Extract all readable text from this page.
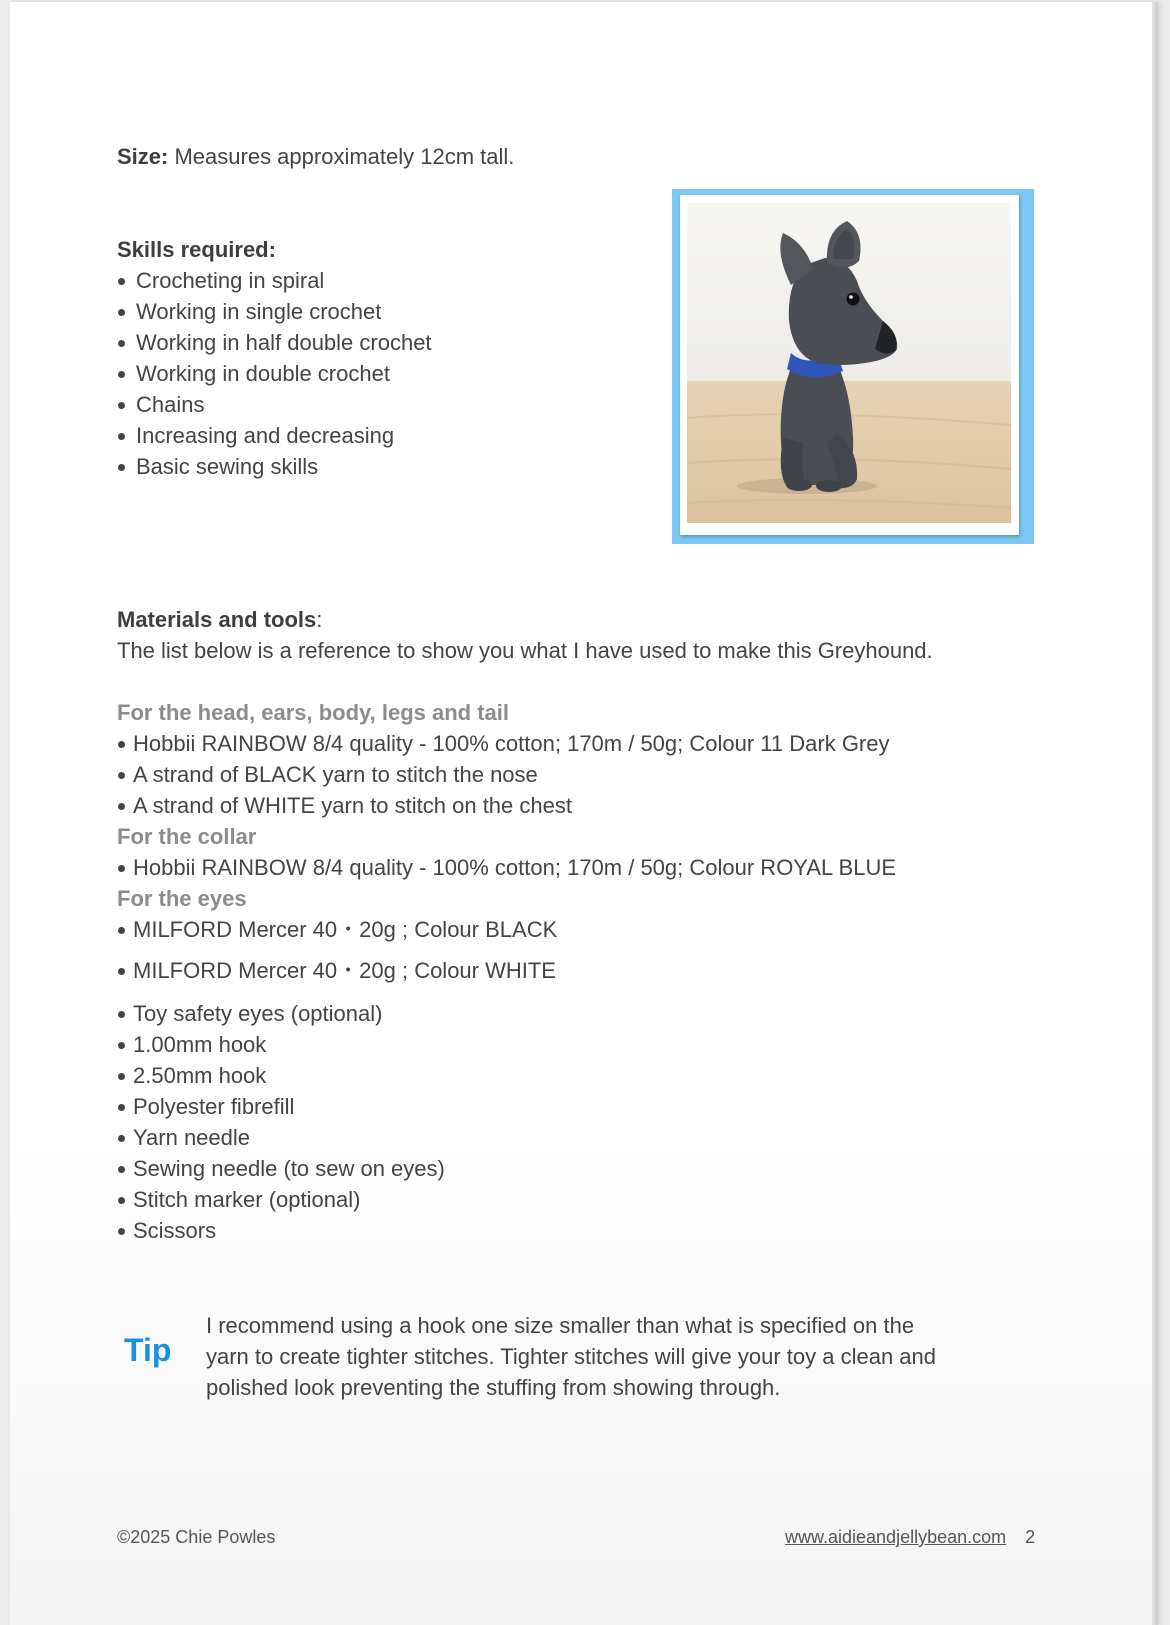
Size: Measures approximately 12cm tall.
Skills required:
Crocheting in spiral
Working in single crochet
Working in half double crochet
Working in double crochet
Chains
Increasing and decreasing
Basic sewing skills
Materials and tools:
The list below is a reference to show you what I have used to make this Greyhound.
For the head, ears, body, legs and tail
Hobbii RAINBOW 8/4 quality - 100% cotton; 170m / 50g; Colour 11 Dark Grey
A strand of BLACK yarn to stitch the nose
A strand of WHITE yarn to stitch on the chest
For the collar
Hobbii RAINBOW 8/4 quality - 100% cotton; 170m / 50g; Colour ROYAL BLUE
For the eyes
MILFORD Mercer 40・20g ; Colour BLACK
MILFORD Mercer 40・20g ; Colour WHITE
Toy safety eyes (optional)
1.00mm hook
2.50mm hook
Polyester fibrefill
Yarn needle
Sewing needle (to sew on eyes)
Stitch marker (optional)
Scissors
Tip
I recommend using a hook one size smaller than what is specified on the
yarn to create tighter stitches. Tighter stitches will give your toy a clean and
polished look preventing the stuffing from showing through.
©2025 Chie Powles	www.aidieandjellybean.com 2
